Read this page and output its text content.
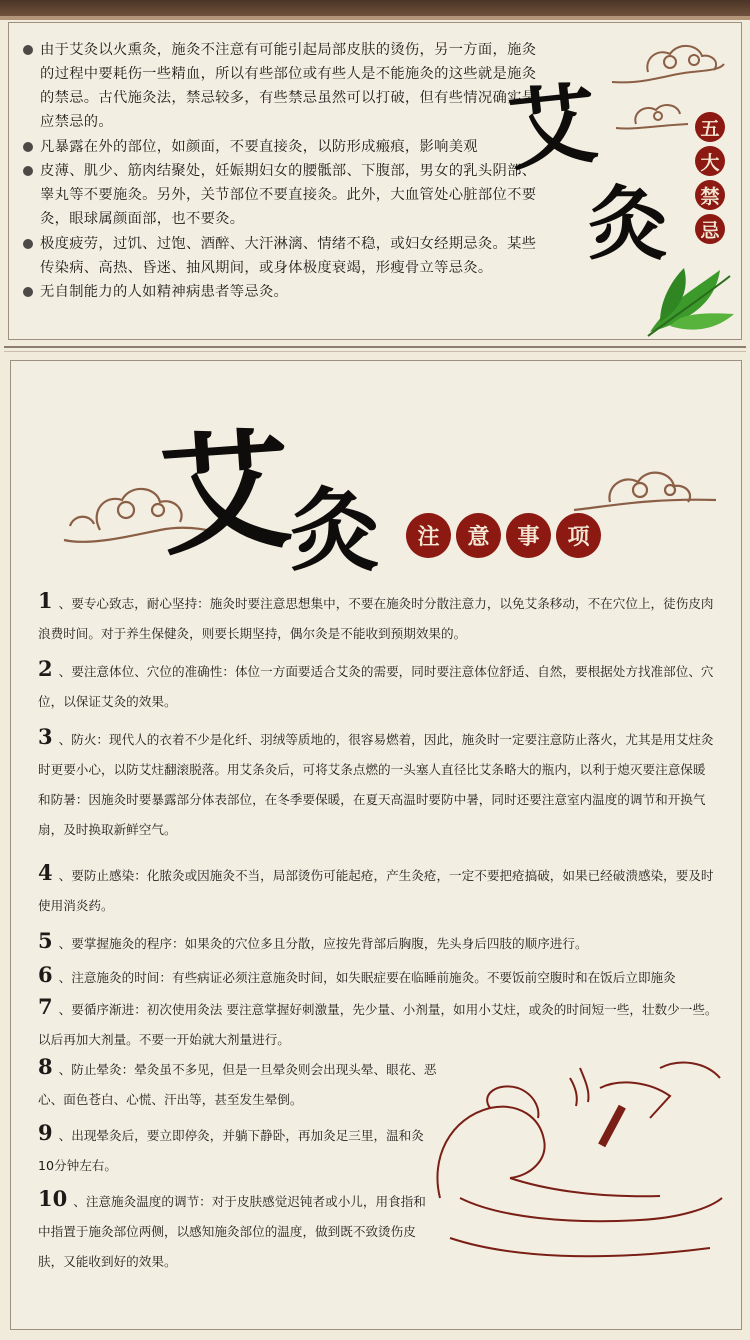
由于艾灸以火熏灸，施灸不注意有可能引起局部皮肤的烫伤，另一方面，施灸的过程中要耗伤一些精血，所以有些部位或有些人是不能施灸的这些就是施灸的禁忌。古代施灸法，禁忌较多，有些禁忌虽然可以打破，但有些情况确实是应禁忌的。
凡暴露在外的部位，如颜面，不要直接灸，以防形成瘢痕，影响美观
皮薄、肌少、筋肉结聚处，妊娠期妇女的腰骶部、下腹部，男女的乳头阴部、睾丸等不要施灸。另外，关节部位不要直接灸。此外，大血管处心脏部位不要灸，眼球属颜面部，也不要灸。
极度疲劳，过饥、过饱、酒醉、大汗淋漓、情绪不稳，或妇女经期忌灸。某些传染病、高热、昏迷、抽风期间，或身体极度衰竭，形瘦骨立等忌灸。
无自制能力的人如精神病患者等忌灸。
艾
灸
五
大
禁
忌
艾
灸	注	意	事	项
1 、要专心致志，耐心坚持：施灸时要注意思想集中，不要在施灸时分散注意力，以免艾条移动，不在穴位上，徒伤皮肉浪费时间。对于养生保健灸，则要长期坚持，偶尔灸是不能收到预期效果的。
2 、要注意体位、穴位的准确性：体位一方面要适合艾灸的需要，同时要注意体位舒适、自然，要根据处方找准部位、穴位，以保证艾灸的效果。
3 、防火：现代人的衣着不少是化纤、羽绒等质地的，很容易燃着，因此，施灸时一定要注意防止落火，尤其是用艾炷灸时更要小心，以防艾炷翻滚脱落。用艾条灸后，可将艾条点燃的一头塞人直径比艾条略大的瓶内，以利于熄灭要注意保暖和防暑：因施灸时要暴露部分体表部位，在冬季要保暖，在夏天高温时要防中暑，同时还要注意室内温度的调节和开换气扇，及时换取新鲜空气。
4 、要防止感染：化脓灸或因施灸不当，局部烫伤可能起疮，产生灸疮，一定不要把疮搞破，如果已经破溃感染，要及时使用消炎药。
5 、要掌握施灸的程序：如果灸的穴位多且分散，应按先背部后胸腹，先头身后四肢的顺序进行。
6 、注意施灸的时间：有些病证必须注意施灸时间，如失眠症要在临睡前施灸。不要饭前空腹时和在饭后立即施灸
7 、要循序渐进：初次使用灸法 要注意掌握好刺激量，先少量、小剂量，如用小艾炷，或灸的时间短一些，壮数少一些。以后再加大剂量。不要一开始就大剂量进行。
8 、防止晕灸：晕灸虽不多见，但是一旦晕灸则会出现头晕、眼花、恶心、面色苍白、心慌、汗出等，甚至发生晕倒。
9 、出现晕灸后，要立即停灸，并躺下静卧，再加灸足三里，温和灸10分钟左右。
10 、注意施灸温度的调节：对于皮肤感觉迟钝者或小儿，用食指和中指置于施灸部位两侧，以感知施灸部位的温度，做到既不致烫伤皮肤，又能收到好的效果。
